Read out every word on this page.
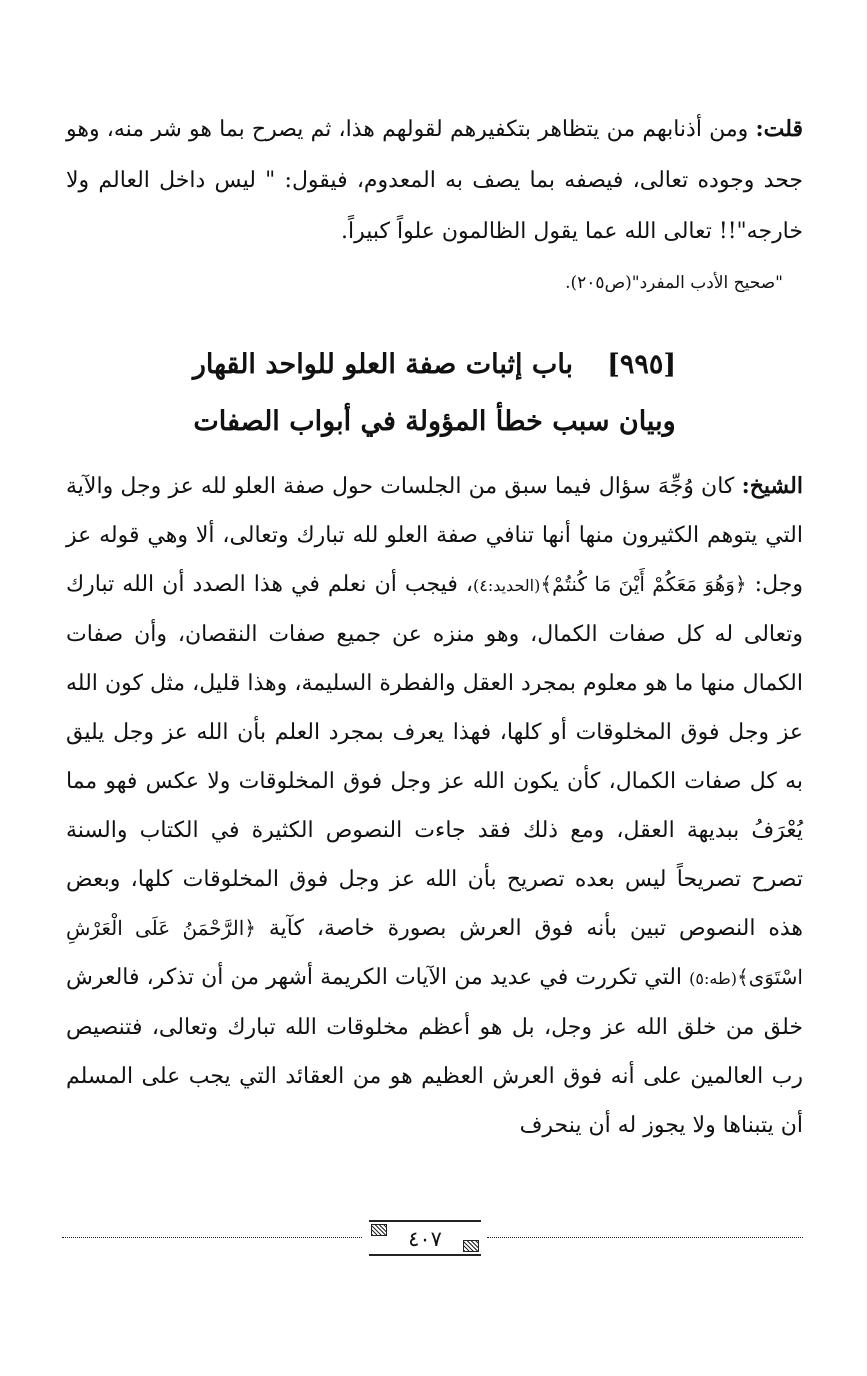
قلت: ومن أذنابهم من يتظاهر بتكفيرهم لقولهم هذا، ثم يصرح بما هو شر منه، وهو جحد وجوده تعالى، فيصفه بما يصف به المعدوم، فيقول: " ليس داخل العالم ولا خارجه"!! تعالى الله عما يقول الظالمون علواً كبيراً.
"صحيح الأدب المفرد"(ص٢٠٥).
[٩٩٥]باب إثبات صفة العلو للواحد القهار
وبيان سبب خطأ المؤولة في أبواب الصفات
الشيخ: كان وُجِّهَ سؤال فيما سبق من الجلسات حول صفة العلو لله عز وجل والآية التي يتوهم الكثيرون منها أنها تنافي صفة العلو لله تبارك وتعالى، ألا وهي قوله عز وجل: ﴿وَهُوَ مَعَكُمْ أَيْنَ مَا كُنتُمْ﴾(الحديد:٤)، فيجب أن نعلم في هذا الصدد أن الله تبارك وتعالى له كل صفات الكمال، وهو منزه عن جميع صفات النقصان، وأن صفات الكمال منها ما هو معلوم بمجرد العقل والفطرة السليمة، وهذا قليل، مثل كون الله عز وجل فوق المخلوقات أو كلها، فهذا يعرف بمجرد العلم بأن الله عز وجل يليق به كل صفات الكمال، كأن يكون الله عز وجل فوق المخلوقات ولا عكس فهو مما يُعْرَفُ ببديهة العقل، ومع ذلك فقد جاءت النصوص الكثيرة في الكتاب والسنة تصرح تصريحاً ليس بعده تصريح بأن الله عز وجل فوق المخلوقات كلها، وبعض هذه النصوص تبين بأنه فوق العرش بصورة خاصة، كآية ﴿الرَّحْمَنُ عَلَى الْعَرْشِ اسْتَوَى﴾(طه:٥) التي تكررت في عديد من الآيات الكريمة أشهر من أن تذكر، فالعرش خلق من خلق الله عز وجل، بل هو أعظم مخلوقات الله تبارك وتعالى، فتنصيص رب العالمين على أنه فوق العرش العظيم هو من العقائد التي يجب على المسلم أن يتبناها ولا يجوز له أن ينحرف
٤٠٧
